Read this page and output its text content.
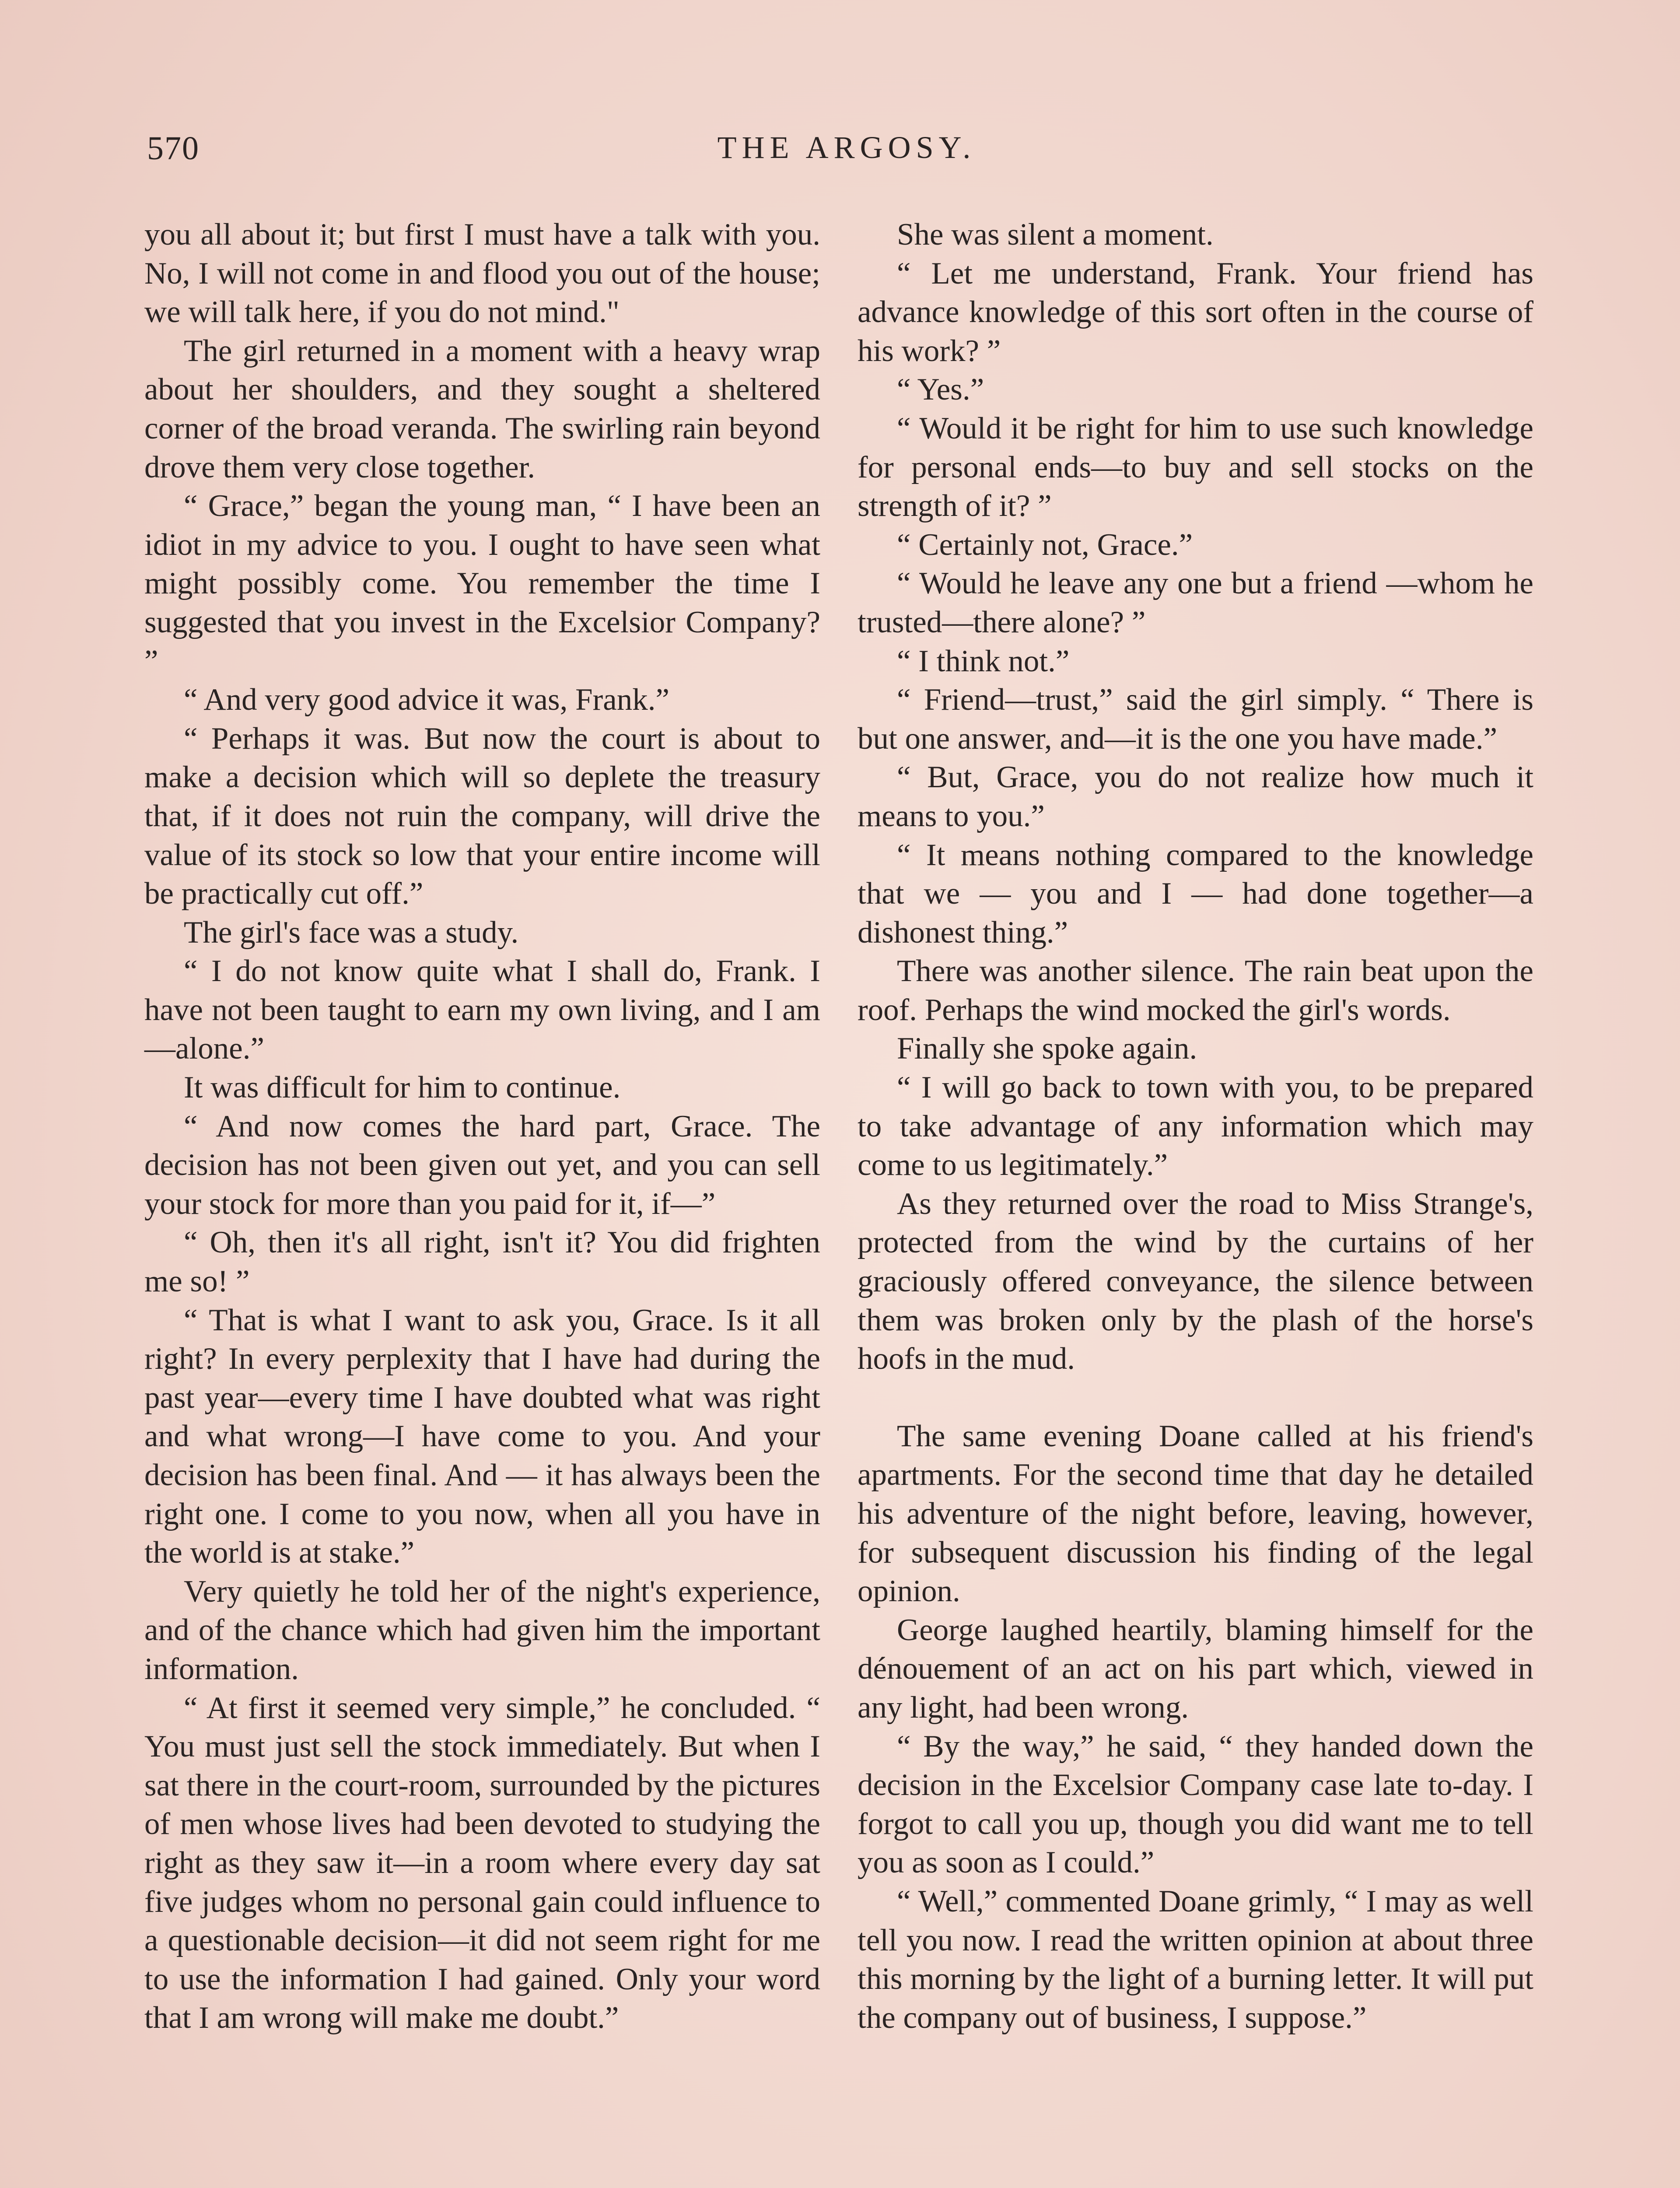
570	THE ARGOSY.

you all about it; but first I must have a talk with you. No, I will not come in and flood you out of the house; we will talk here, if you do not mind."

The girl returned in a moment with a heavy wrap about her shoulders, and they sought a sheltered corner of the broad veranda. The swirling rain beyond drove them very close together.

“ Grace,” began the young man, “ I have been an idiot in my advice to you. I ought to have seen what might possibly come. You remember the time I suggested that you invest in the Excelsior Company? ”

“ And very good advice it was, Frank.”

“ Perhaps it was. But now the court is about to make a decision which will so deplete the treasury that, if it does not ruin the company, will drive the value of its stock so low that your entire income will be practically cut off.”

The girl's face was a study.

“ I do not know quite what I shall do, Frank. I have not been taught to earn my own living, and I am—alone.”

It was difficult for him to continue.

“ And now comes the hard part, Grace. The decision has not been given out yet, and you can sell your stock for more than you paid for it, if—”

“ Oh, then it's all right, isn't it? You did frighten me so! ”

“ That is what I want to ask you, Grace. Is it all right? In every perplexity that I have had during the past year—every time I have doubted what was right and what wrong—I have come to you. And your decision has been final. And — it has always been the right one. I come to you now, when all you have in the world is at stake.”

Very quietly he told her of the night's experience, and of the chance which had given him the important information.

“ At first it seemed very simple,” he concluded. “ You must just sell the stock immediately. But when I sat there in the court-room, surrounded by the pictures of men whose lives had been devoted to studying the right as they saw it—in a room where every day sat five judges whom no personal gain could influence to a questionable decision—it did not seem right for me to use the information I had gained. Only your word that I am wrong will make me doubt.”

She was silent a moment.

“ Let me understand, Frank. Your friend has advance knowledge of this sort often in the course of his work? ”

“ Yes.”

“ Would it be right for him to use such knowledge for personal ends—to buy and sell stocks on the strength of it? ”

“ Certainly not, Grace.”

“ Would he leave any one but a friend —whom he trusted—there alone? ”

“ I think not.”

“ Friend—trust,” said the girl simply. “ There is but one answer, and—it is the one you have made.”

“ But, Grace, you do not realize how much it means to you.”

“ It means nothing compared to the knowledge that we — you and I — had done together—a dishonest thing.”

There was another silence. The rain beat upon the roof. Perhaps the wind mocked the girl's words.

Finally she spoke again.

“ I will go back to town with you, to be prepared to take advantage of any information which may come to us legitimately.”

As they returned over the road to Miss Strange's, protected from the wind by the curtains of her graciously offered conveyance, the silence between them was broken only by the plash of the horse's hoofs in the mud.

The same evening Doane called at his friend's apartments. For the second time that day he detailed his adventure of the night before, leaving, however, for subsequent discussion his finding of the legal opinion.

George laughed heartily, blaming himself for the dénouement of an act on his part which, viewed in any light, had been wrong.

“ By the way,” he said, “ they handed down the decision in the Excelsior Company case late to-day. I forgot to call you up, though you did want me to tell you as soon as I could.”

“ Well,” commented Doane grimly, “ I may as well tell you now. I read the written opinion at about three this morning by the light of a burning letter. It will put the company out of business, I suppose.”
